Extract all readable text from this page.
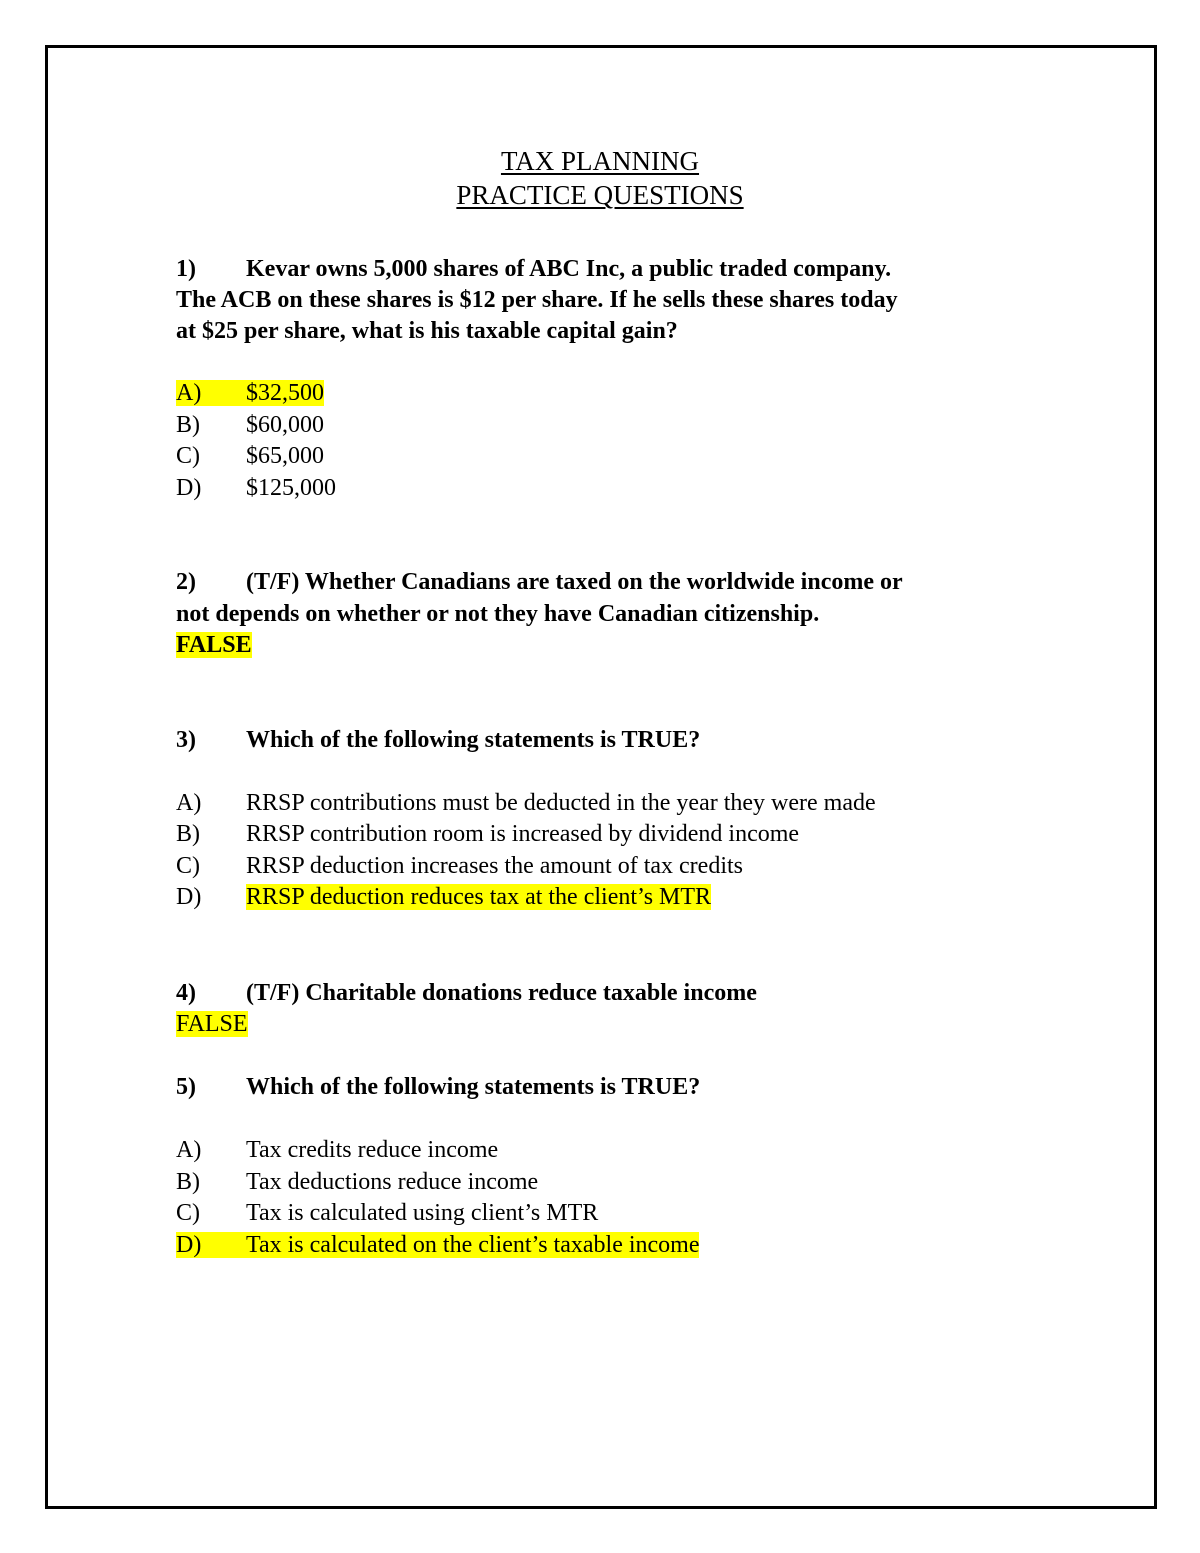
TAX PLANNING
PRACTICE QUESTIONS
1) Kevar owns 5,000 shares of ABC Inc, a public traded company.
The ACB on these shares is $12 per share. If he sells these shares today
at $25 per share, what is his taxable capital gain?
A) $32,500
B) $60,000
C) $65,000
D) $125,000
2) (T/F) Whether Canadians are taxed on the worldwide income or
not depends on whether or not they have Canadian citizenship.
FALSE
3) Which of the following statements is TRUE?
A) RRSP contributions must be deducted in the year they were made
B) RRSP contribution room is increased by dividend income
C) RRSP deduction increases the amount of tax credits
D) RRSP deduction reduces tax at the client’s MTR
4) (T/F) Charitable donations reduce taxable income
FALSE
5) Which of the following statements is TRUE?
A) Tax credits reduce income
B) Tax deductions reduce income
C) Tax is calculated using client’s MTR
D) Tax is calculated on the client’s taxable income
